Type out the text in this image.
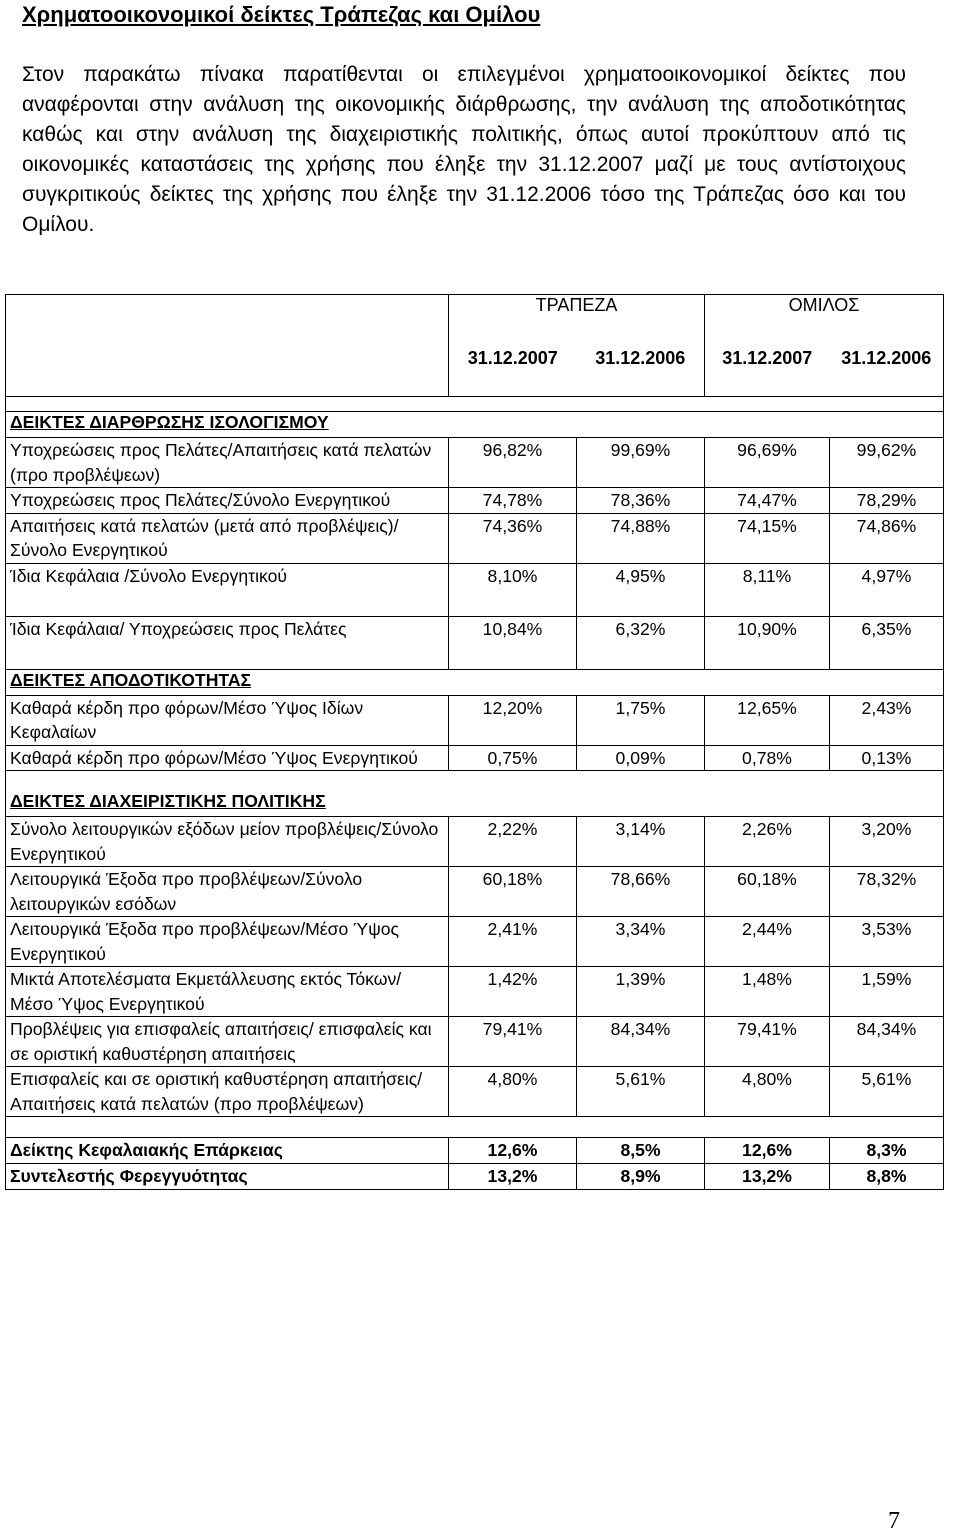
Χρηματοοικονομικοί δείκτες Τράπεζας και Ομίλου
Στον παρακάτω πίνακα παρατίθενται οι επιλεγμένοι χρηματοοικονομικοί δείκτες που αναφέρονται στην ανάλυση της οικονομικής διάρθρωσης, την ανάλυση της αποδοτικότητας καθώς και στην ανάλυση της διαχειριστικής πολιτικής, όπως αυτοί προκύπτουν από τις οικονομικές καταστάσεις της χρήσης που έληξε την 31.12.2007 μαζί με τους αντίστοιχους συγκριτικούς δείκτες της χρήσης που έληξε την 31.12.2006 τόσο της Τράπεζας όσο και του Ομίλου.
	ΤΡΑΠΕΖΑ		ΟΜΙΛΟΣ	
	31.12.2007	31.12.2006	31.12.2007	31.12.2006

ΔΕΙΚΤΕΣ ΔΙΑΡΘΡΩΣΗΣ ΙΣΟΛΟΓΙΣΜΟΥ				
Υποχρεώσεις προς Πελάτες/Απαιτήσεις κατά πελατών (προ προβλέψεων)	96,82%	99,69%	96,69%	99,62%
Υποχρεώσεις προς Πελάτες/Σύνολο Ενεργητικού	74,78%	78,36%	74,47%	78,29%
Απαιτήσεις κατά πελατών (μετά από προβλέψεις)/Σύνολο Ενεργητικού	74,36%	74,88%	74,15%	74,86%
Ίδια Κεφάλαια /Σύνολο Ενεργητικού	8,10%	4,95%	8,11%	4,97%
Ίδια Κεφάλαια/ Υποχρεώσεις προς Πελάτες	10,84%	6,32%	10,90%	6,35%
ΔΕΙΚΤΕΣ ΑΠΟΔΟΤΙΚΟΤΗΤΑΣ				
Καθαρά κέρδη προ φόρων/Μέσο Ύψος Ιδίων Κεφαλαίων	12,20%	1,75%	12,65%	2,43%
Καθαρά κέρδη προ φόρων/Μέσο Ύψος Ενεργητικού	0,75%	0,09%	0,78%	0,13%

ΔΕΙΚΤΕΣ ΔΙΑΧΕΙΡΙΣΤΙΚΗΣ ΠΟΛΙΤΙΚΗΣ				
Σύνολο λειτουργικών εξόδων μείον προβλέψεις/Σύνολο Ενεργητικού	2,22%	3,14%	2,26%	3,20%
Λειτουργικά Έξοδα προ προβλέψεων/Σύνολο λειτουργικών εσόδων	60,18%	78,66%	60,18%	78,32%
Λειτουργικά Έξοδα προ προβλέψεων/Μέσο Ύψος Ενεργητικού	2,41%	3,34%	2,44%	3,53%
Μικτά Αποτελέσματα Εκμετάλλευσης εκτός Τόκων/Μέσο Ύψος Ενεργητικού	1,42%	1,39%	1,48%	1,59%
Προβλέψεις για επισφαλείς απαιτήσεις/ επισφαλείς και σε οριστική καθυστέρηση απαιτήσεις	79,41%	84,34%	79,41%	84,34%
Επισφαλείς και σε οριστική καθυστέρηση απαιτήσεις/ Απαιτήσεις κατά πελατών (προ προβλέψεων)	4,80%	5,61%	4,80%	5,61%

Δείκτης Κεφαλαιακής Επάρκειας	12,6%	8,5%	12,6%	8,3%
Συντελεστής Φερεγγυότητας	13,2%	8,9%	13,2%	8,8%
7
